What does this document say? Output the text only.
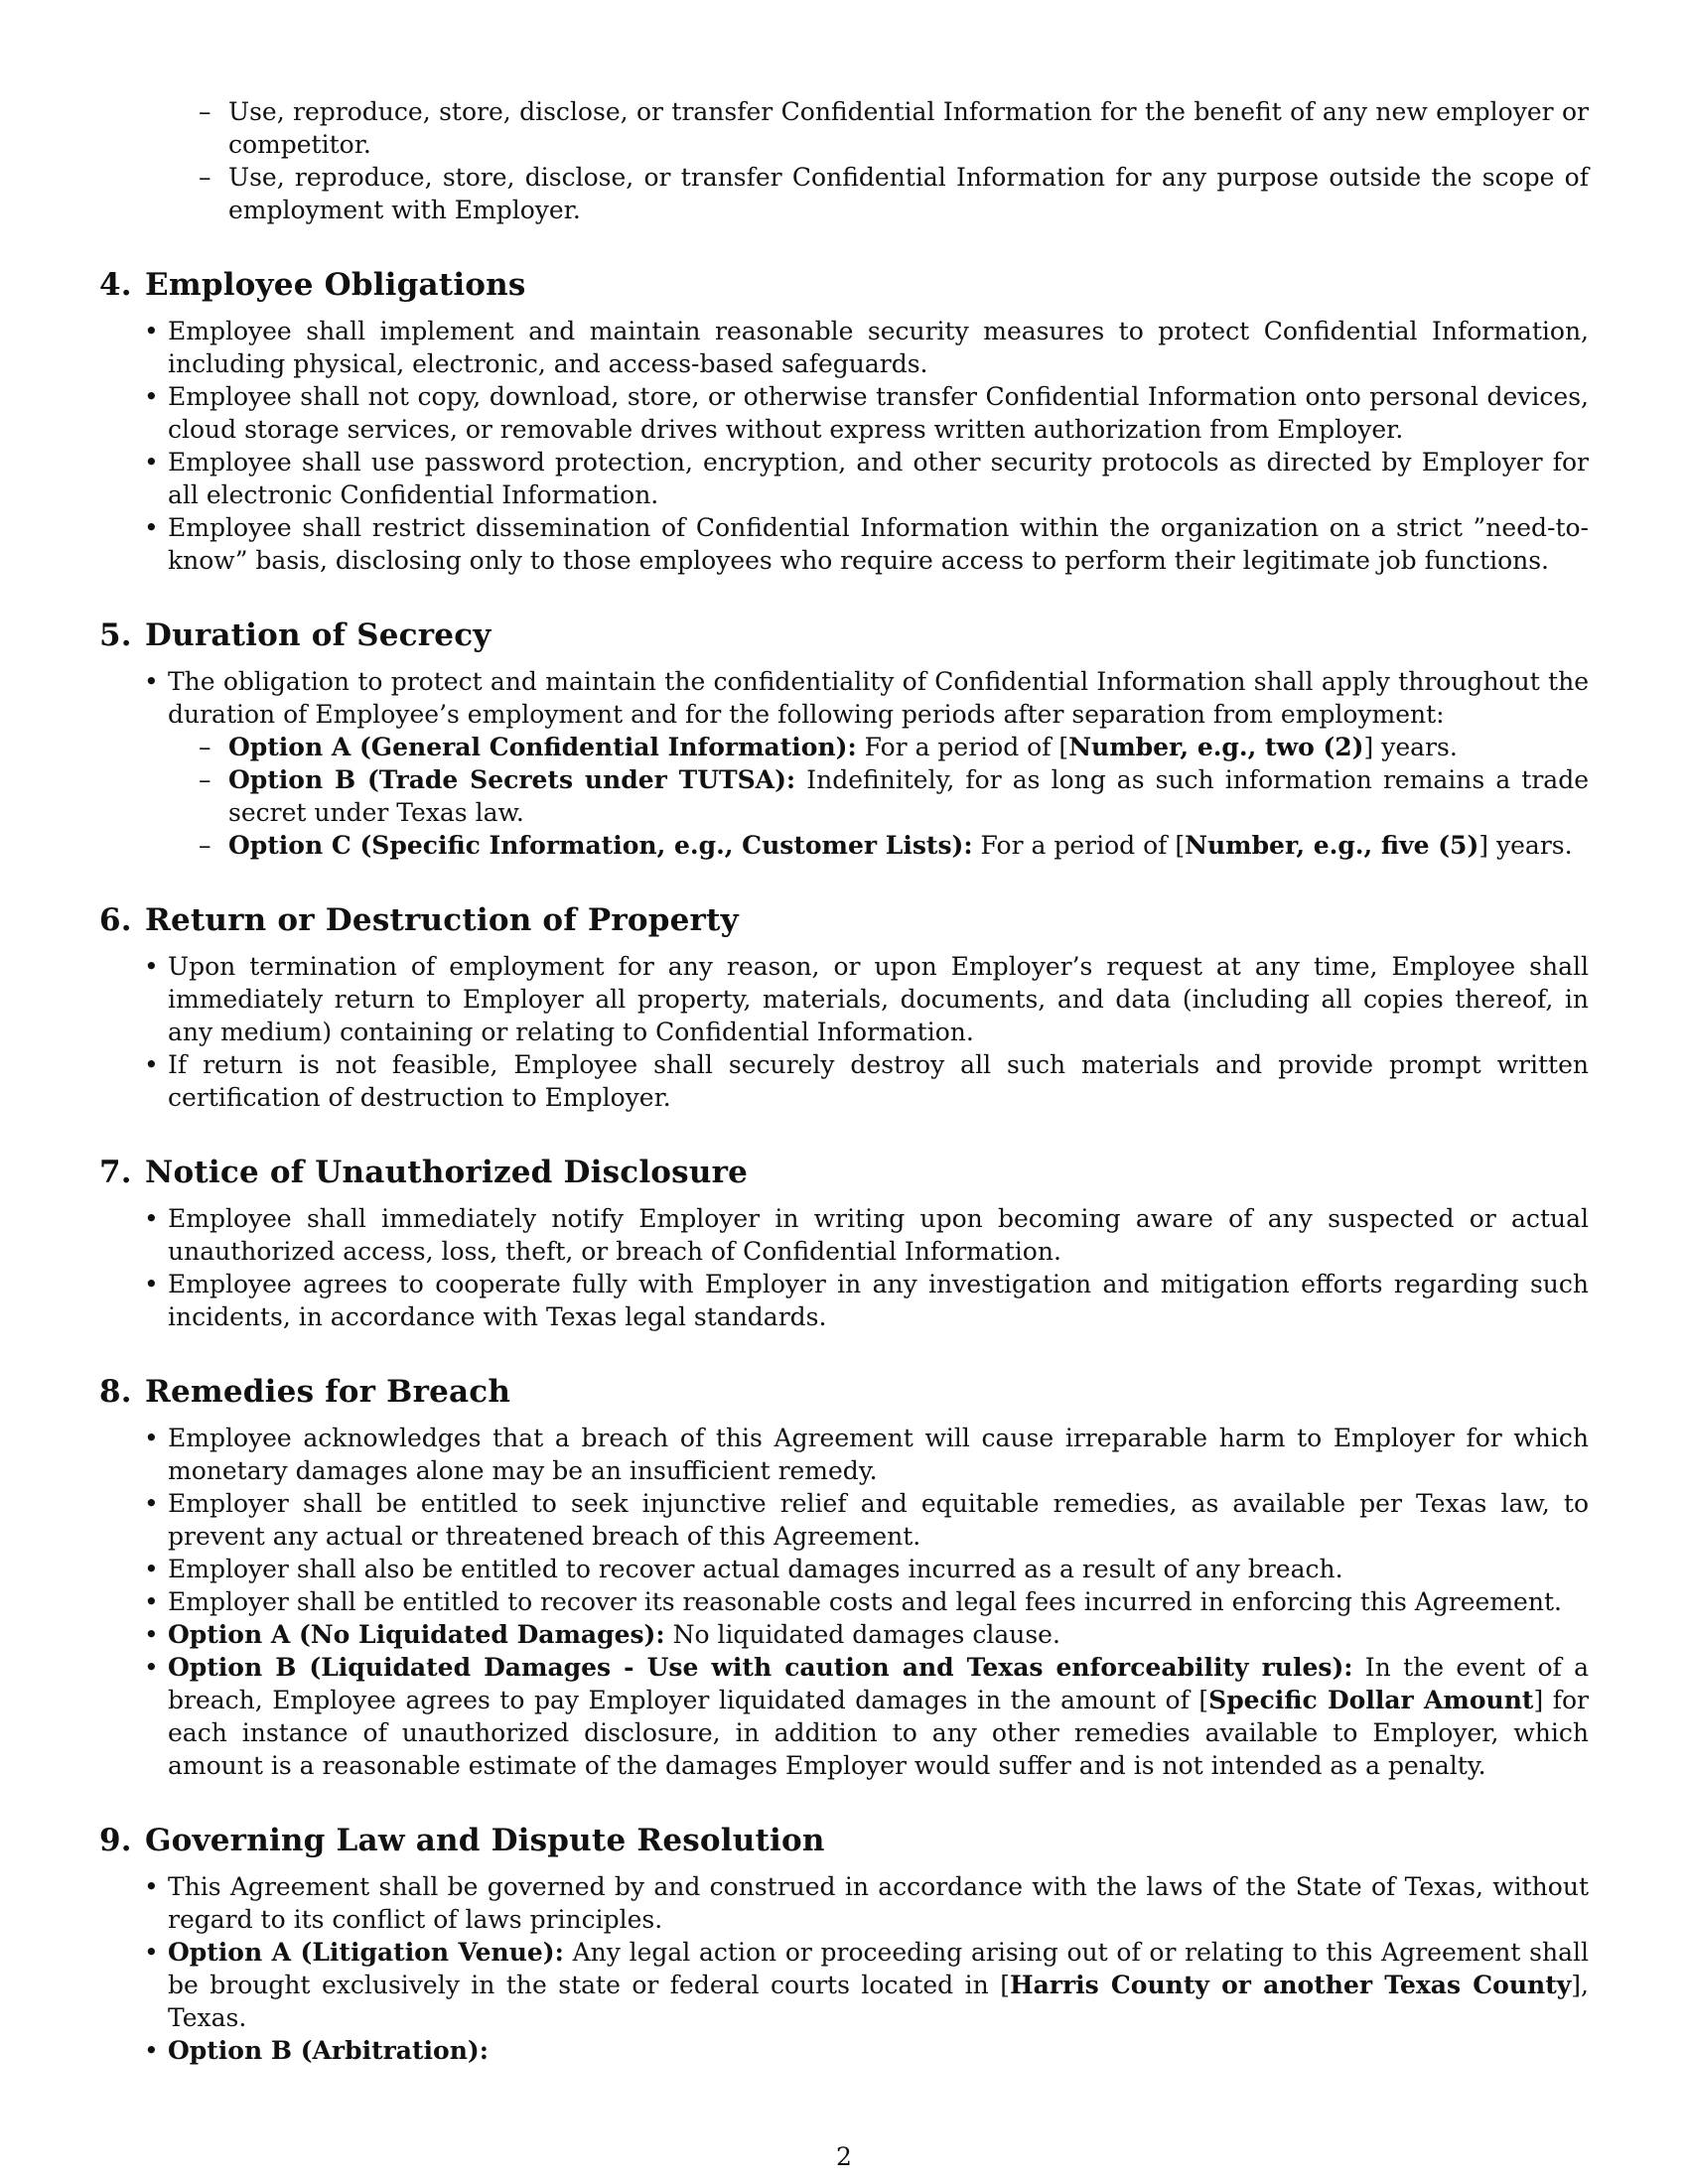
– Use, reproduce, store, disclose, or transfer Confidential Information for the benefit of any new employer or competitor.
– Use, reproduce, store, disclose, or transfer Confidential Information for any purpose outside the scope of employment with Employer.
4. Employee Obligations
• Employee shall implement and maintain reasonable security measures to protect Confidential Information, including physical, electronic, and access-based safeguards.
• Employee shall not copy, download, store, or otherwise transfer Confidential Information onto personal devices, cloud storage services, or removable drives without express written authorization from Employer.
• Employee shall use password protection, encryption, and other security protocols as directed by Employer for all electronic Confidential Information.
• Employee shall restrict dissemination of Confidential Information within the organization on a strict ”need-to-know” basis, disclosing only to those employees who require access to perform their legitimate job functions.
5. Duration of Secrecy
• The obligation to protect and maintain the confidentiality of Confidential Information shall apply throughout the duration of Employee’s employment and for the following periods after separation from employment:
– Option A (General Confidential Information): For a period of [Number, e.g., two (2)] years.
– Option B (Trade Secrets under TUTSA): Indefinitely, for as long as such information remains a trade secret under Texas law.
– Option C (Specific Information, e.g., Customer Lists): For a period of [Number, e.g., five (5)] years.
6. Return or Destruction of Property
• Upon termination of employment for any reason, or upon Employer’s request at any time, Employee shall immediately return to Employer all property, materials, documents, and data (including all copies thereof, in any medium) containing or relating to Confidential Information.
• If return is not feasible, Employee shall securely destroy all such materials and provide prompt written certification of destruction to Employer.
7. Notice of Unauthorized Disclosure
• Employee shall immediately notify Employer in writing upon becoming aware of any suspected or actual unauthorized access, loss, theft, or breach of Confidential Information.
• Employee agrees to cooperate fully with Employer in any investigation and mitigation efforts regarding such incidents, in accordance with Texas legal standards.
8. Remedies for Breach
• Employee acknowledges that a breach of this Agreement will cause irreparable harm to Employer for which monetary damages alone may be an insufficient remedy.
• Employer shall be entitled to seek injunctive relief and equitable remedies, as available per Texas law, to prevent any actual or threatened breach of this Agreement.
• Employer shall also be entitled to recover actual damages incurred as a result of any breach.
• Employer shall be entitled to recover its reasonable costs and legal fees incurred in enforcing this Agreement.
• Option A (No Liquidated Damages): No liquidated damages clause.
• Option B (Liquidated Damages - Use with caution and Texas enforceability rules): In the event of a breach, Employee agrees to pay Employer liquidated damages in the amount of [Specific Dollar Amount] for each instance of unauthorized disclosure, in addition to any other remedies available to Employer, which amount is a reasonable estimate of the damages Employer would suffer and is not intended as a penalty.
9. Governing Law and Dispute Resolution
• This Agreement shall be governed by and construed in accordance with the laws of the State of Texas, without regard to its conflict of laws principles.
• Option A (Litigation Venue): Any legal action or proceeding arising out of or relating to this Agreement shall be brought exclusively in the state or federal courts located in [Harris County or another Texas County], Texas.
• Option B (Arbitration):
2
